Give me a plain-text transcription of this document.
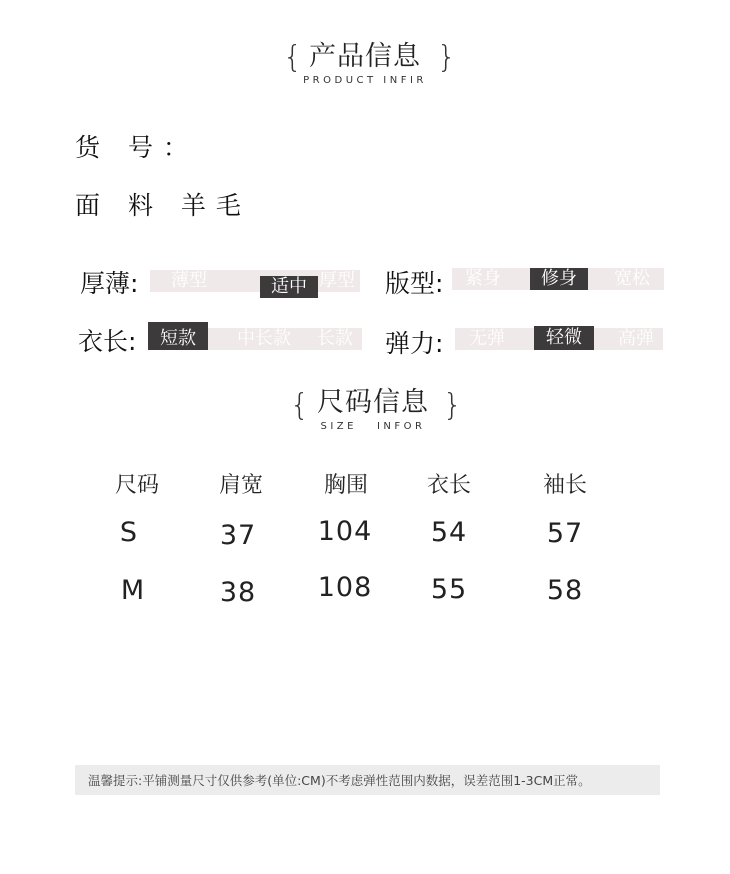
{ 产品信息
PRODUCT INFIR
}
货 号：
面 料 羊毛
厚薄:	薄型	适中 厚型 版型:	紧身	修身	宽松
衣长:	短款	中长款	长款 弹力:	无弹	轻微	高弹
{ 尺码信息
SIZE   INFOR
}
尺码	肩宽	胸围	衣长	袖长
S	37	104	54	57
M	38	108	55	58
温馨提示:平铺测量尺寸仅供参考(单位:CM)不考虑弹性范围内数据，误差范围1-3CM正常。
